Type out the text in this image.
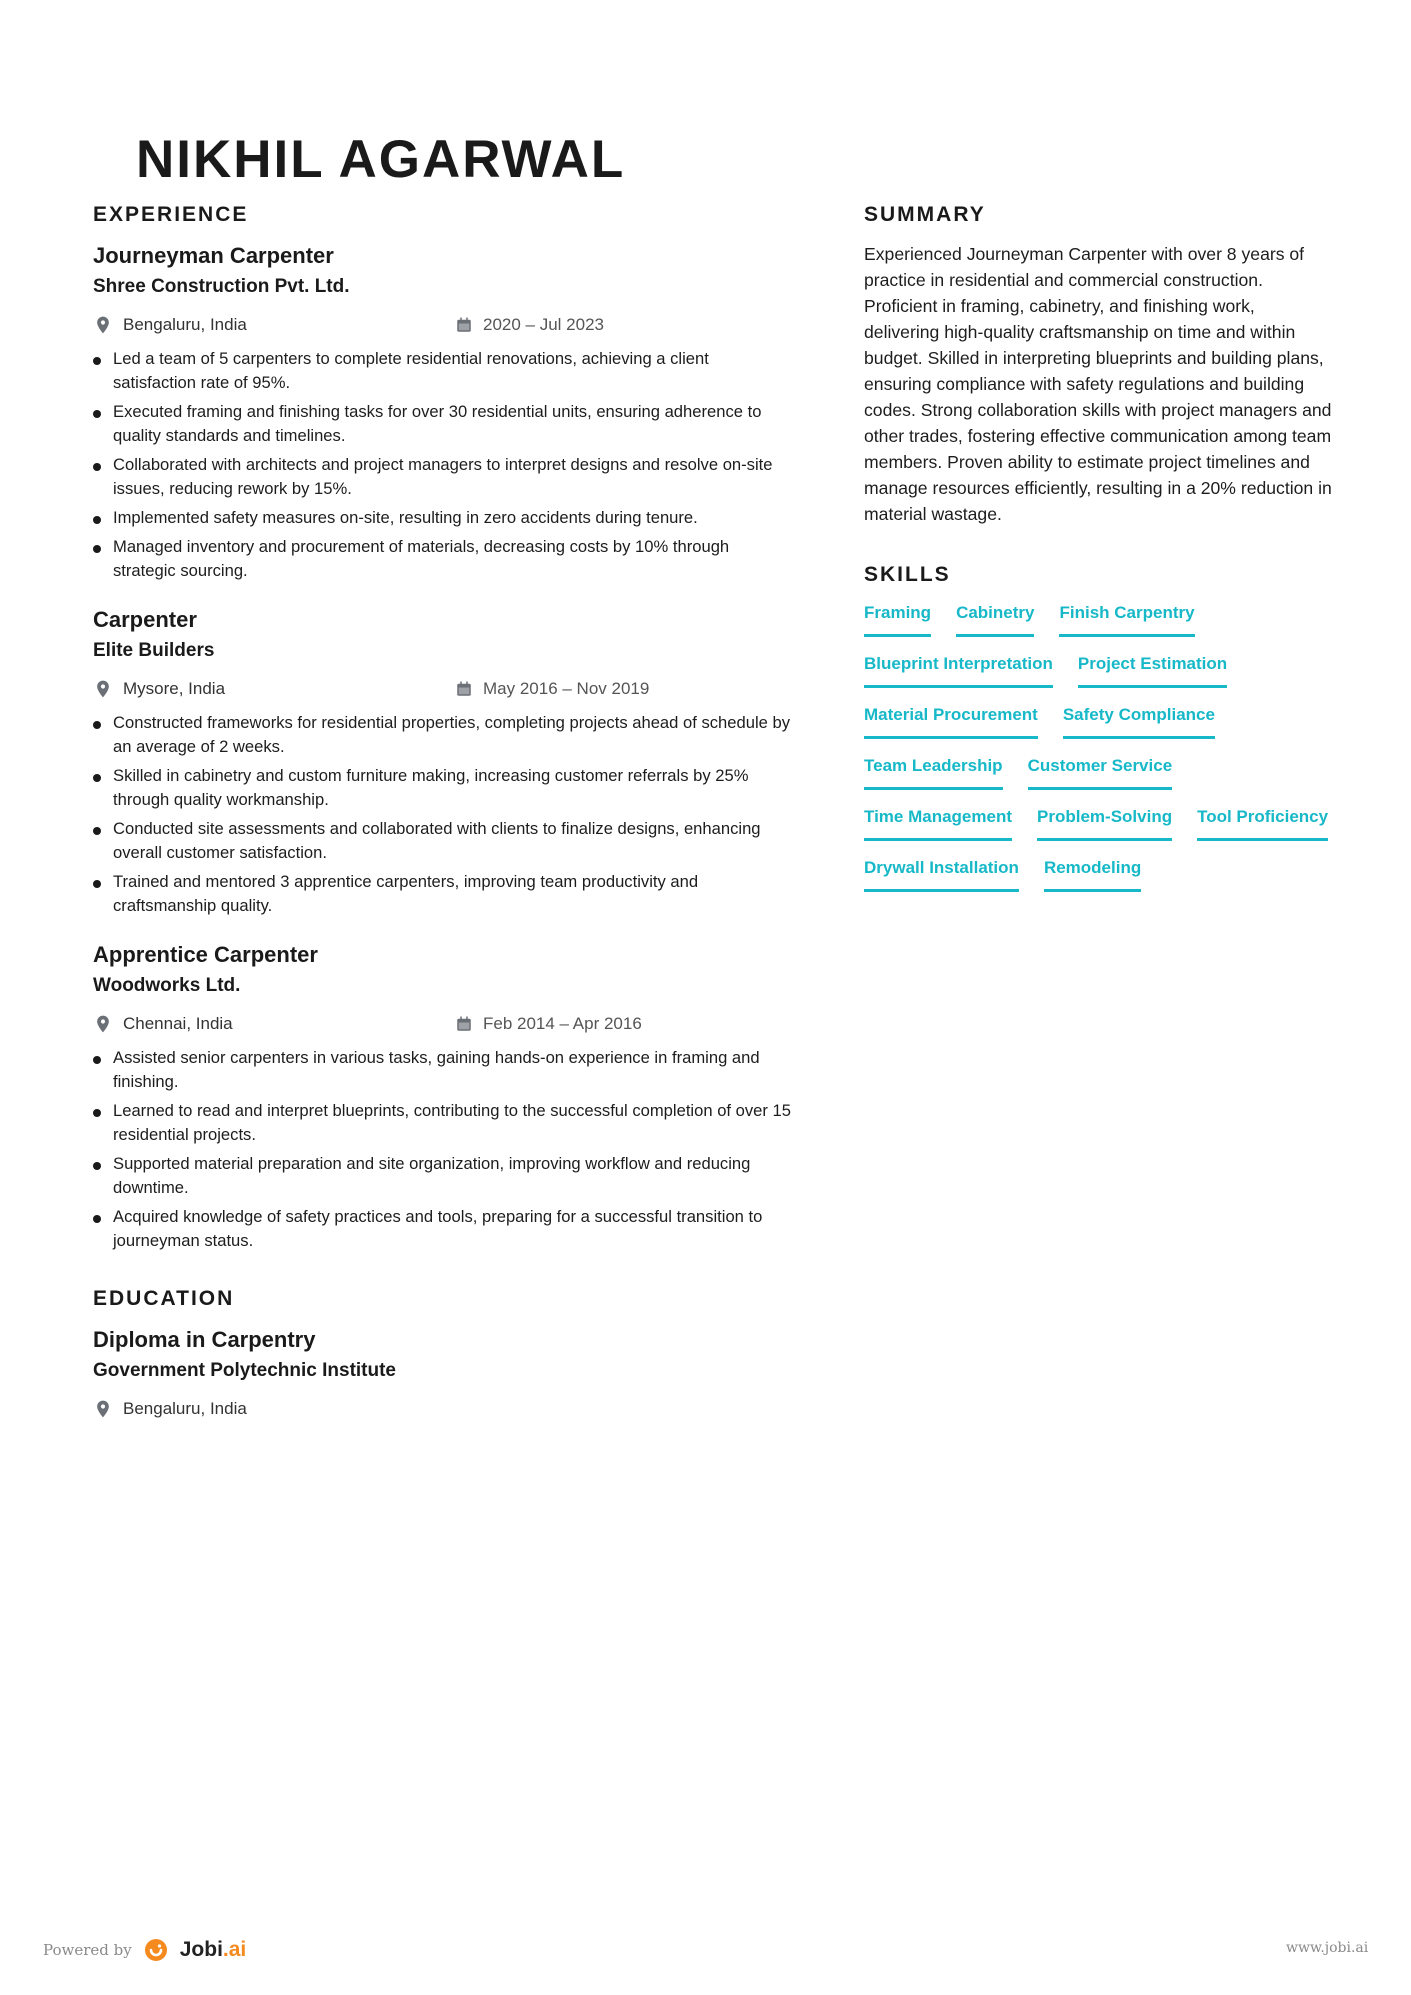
NIKHIL AGARWAL
EXPERIENCE
Journeyman Carpenter
Shree Construction Pvt. Ltd.
Bengaluru, India	2020 – Jul 2023
Led a team of 5 carpenters to complete residential renovations, achieving a client satisfaction rate of 95%.
Executed framing and finishing tasks for over 30 residential units, ensuring adherence to quality standards and timelines.
Collaborated with architects and project managers to interpret designs and resolve on-site issues, reducing rework by 15%.
Implemented safety measures on-site, resulting in zero accidents during tenure.
Managed inventory and procurement of materials, decreasing costs by 10% through strategic sourcing.
Carpenter
Elite Builders
Mysore, India	May 2016 – Nov 2019
Constructed frameworks for residential properties, completing projects ahead of schedule by an average of 2 weeks.
Skilled in cabinetry and custom furniture making, increasing customer referrals by 25% through quality workmanship.
Conducted site assessments and collaborated with clients to finalize designs, enhancing overall customer satisfaction.
Trained and mentored 3 apprentice carpenters, improving team productivity and craftsmanship quality.
Apprentice Carpenter
Woodworks Ltd.
Chennai, India	Feb 2014 – Apr 2016
Assisted senior carpenters in various tasks, gaining hands-on experience in framing and finishing.
Learned to read and interpret blueprints, contributing to the successful completion of over 15 residential projects.
Supported material preparation and site organization, improving workflow and reducing downtime.
Acquired knowledge of safety practices and tools, preparing for a successful transition to journeyman status.
EDUCATION
Diploma in Carpentry
Government Polytechnic Institute
Bengaluru, India
SUMMARY

Experienced Journeyman Carpenter with over 8 years of practice in residential and commercial construction. Proficient in framing, cabinetry, and finishing work, delivering high-quality craftsmanship on time and within budget. Skilled in interpreting blueprints and building plans, ensuring compliance with safety regulations and building codes. Strong collaboration skills with project managers and other trades, fostering effective communication among team members. Proven ability to estimate project timelines and manage resources efficiently, resulting in a 20% reduction in material wastage.

SKILLS
Framing Cabinetry Finish Carpentry
Blueprint Interpretation Project Estimation
Material Procurement Safety Compliance
Team Leadership Customer Service
Time Management Problem-Solving Tool Proficiency
Drywall Installation Remodeling
Powered by Jobi.ai	www.jobi.ai
